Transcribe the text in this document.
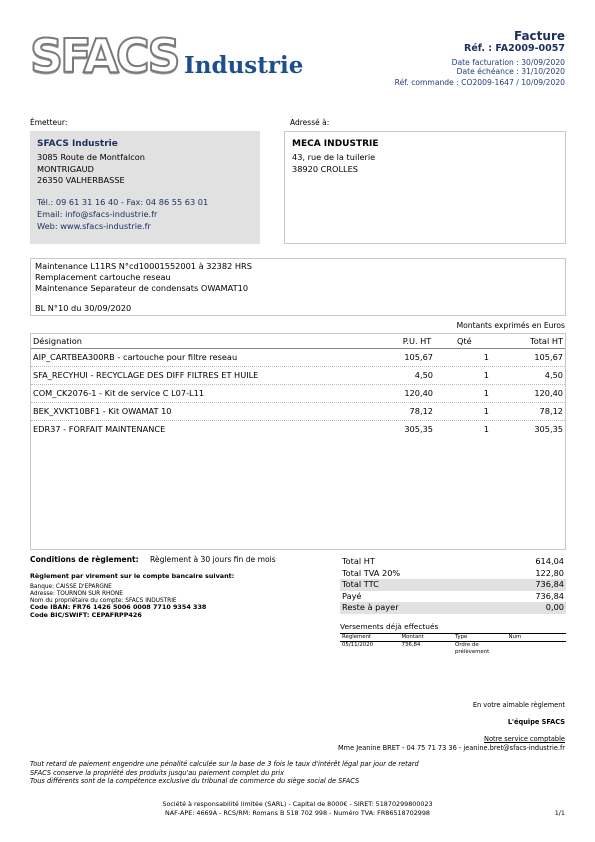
SFACS Industrie
Facture
Réf. : FA2009-0057
Date facturation : 30/09/2020
Date échéance : 31/10/2020
Réf. commande : CO2009-1647 / 10/09/2020
Émetteur:
SFACS Industrie
3085 Route de Montfalcon
MONTRIGAUD
26350 VALHERBASSE
Tél.: 09 61 31 16 40 - Fax: 04 86 55 63 01
Email: info@sfacs-industrie.fr
Web: www.sfacs-industrie.fr
Adressé à:
MECA INDUSTRIE
43, rue de la tuilerie
38920 CROLLES
Maintenance L11RS N°cd10001552001 à 32382 HRS
Remplacement cartouche reseau
Maintenance Separateur de condensats OWAMAT10
BL N°10 du 30/09/2020
Montants exprimés en Euros
Désignation	P.U. HT	Qté	Total HT
AIP_CARTBEA300RB - cartouche pour filtre reseau	105,67	1	105,67
SFA_RECYHUI - RECYCLAGE DES DIFF FILTRES ET HUILE	4,50	1	4,50
COM_CK2076-1 - Kit de service C L07-L11	120,40	1	120,40
BEK_XVKT10BF1 - Kit OWAMAT 10	78,12	1	78,12
EDR37 - FORFAIT MAINTENANCE	305,35	1	305,35
Conditions de règlement:	Règlement à 30 jours fin de mois
Règlement par virement sur le compte bancaire suivant:
Banque: CAISSE D'EPARGNE
Adresse: TOURNON SUR RHONE
Nom du propriétaire du compte: SFACS INDUSTRIE
Code IBAN: FR76 1426 5006 0008 7710 9354 338
Code BIC/SWIFT: CEPAFRPP426
Total HT	614,04
Total TVA 20%	122,80
Total TTC	736,84
Payé	736,84
Reste à payer	0,00
Versements déjà effectués
Règlement	Montant	Type	Num
05/11/2020	736,84	Ordre de prélèvement
En votre aimable règlement
L'équipe SFACS
Notre service comptable
Mme Jeanine BRET - 04 75 71 73 36 - jeanine.bret@sfacs-industrie.fr
Tout retard de paiement engendre une pénalité calculée sur la base de 3 fois le taux d'intérêt légal par jour de retard
SFACS conserve la propriété des produits jusqu'au paiement complet du prix
Tous différents sont de la compétence exclusive du tribunal de commerce du siège social de SFACS
Société à responsabilité limitée (SARL) - Capital de 8000€ - SIRET: 51870299800023
NAF-APE: 4669A - RCS/RM: Romans B 518 702 998 - Numéro TVA: FR86518702998	1/1
